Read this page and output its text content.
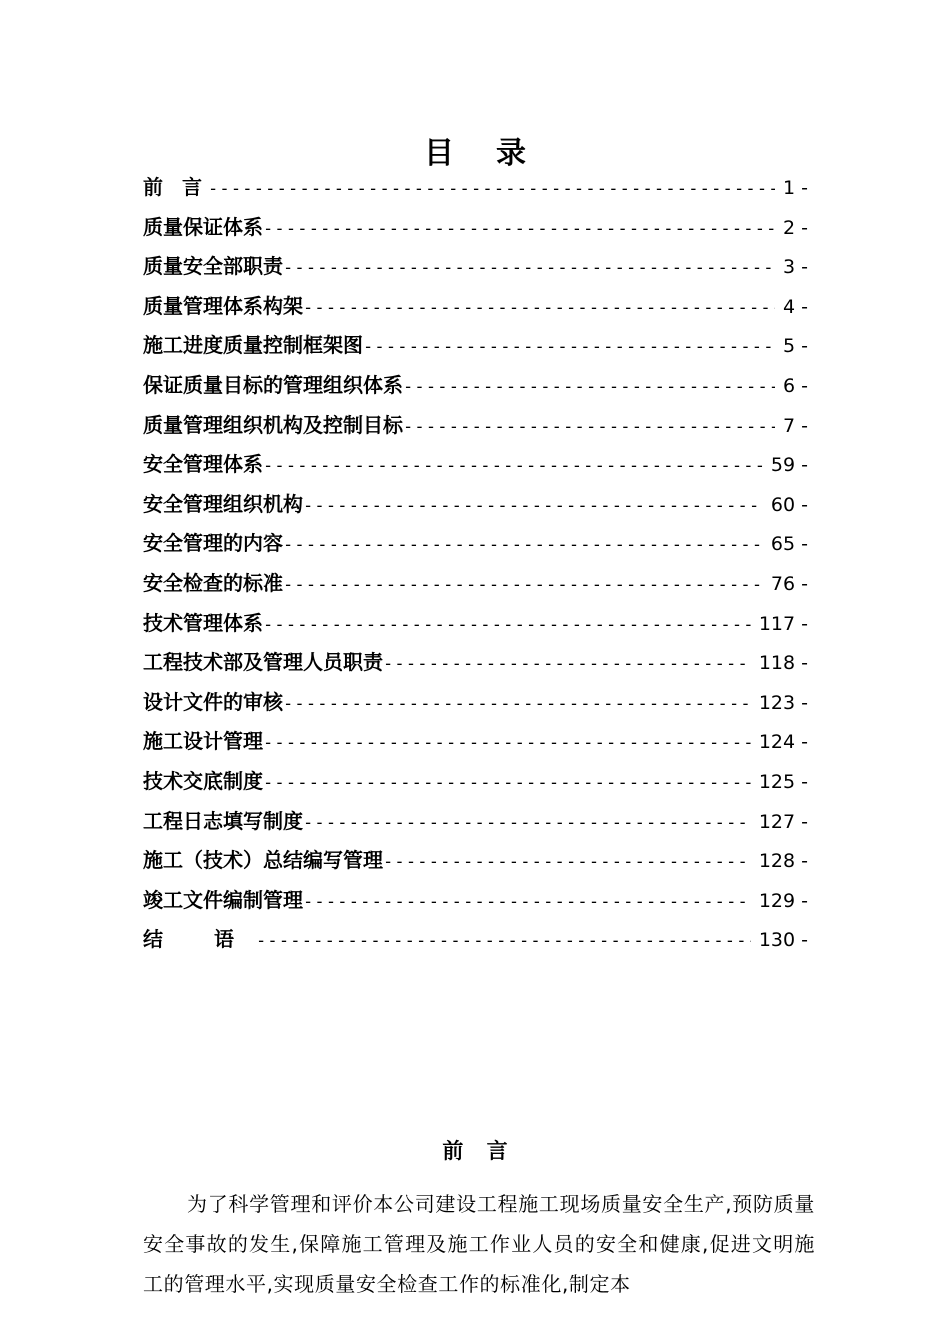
目 录
前 言 -----	1 -
质量保证体系 -----	2 -
质量安全部职责 -----	3 -
质量管理体系构架 -----	4 -
施工进度质量控制框架图 -----	5 -
保证质量目标的管理组织体系 -----	6 -
质量管理组织机构及控制目标 -----	7 -
安全管理体系 -----	59 -
安全管理组织机构 -----	60 -
安全管理的内容 -----	65 -
安全检查的标准 -----	76 -
技术管理体系 -----	117 -
工程技术部及管理人员职责 -----	118 -
设计文件的审核 -----	123 -
施工设计管理 -----	124 -
技术交底制度 -----	125 -
工程日志填写制度 -----	127 -
施工（技术）总结编写管理 -----	128 -
竣工文件编制管理 -----	129 -
结 语 -----	130 -
前 言

为了科学管理和评价本公司建设工程施工现场质量安全生产,预防质量安全事故的发生,保障施工管理及施工作业人员的安全和健康,促进文明施工的管理水平,实现质量安全检查工作的标准化,制定本
